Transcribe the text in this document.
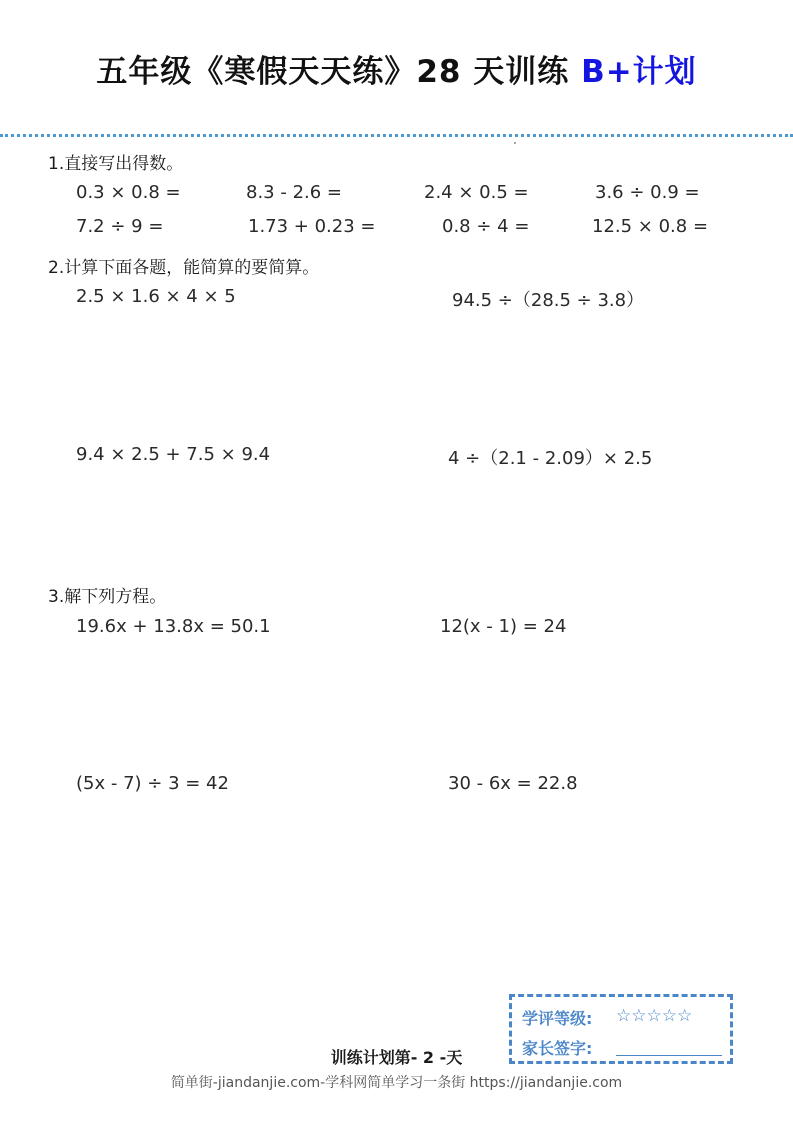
五年级《寒假天天练》28 天训练 B+计划
1.直接写出得数。
0.3 × 0.8 =	8.3 - 2.6 =	2.4 × 0.5 =	3.6 ÷ 0.9 =
7.2 ÷ 9 =	1.73 + 0.23 =	0.8 ÷ 4 =	12.5 × 0.8 =
2.计算下面各题，能简算的要简算。
2.5 × 1.6 × 4 × 5	94.5 ÷（28.5 ÷ 3.8）
9.4 × 2.5 + 7.5 × 9.4	4 ÷（2.1 - 2.09）× 2.5
3.解下列方程。
19.6x + 13.8x = 50.1	12(x - 1) = 24
(5x - 7) ÷ 3 = 42	30 - 6x = 22.8
学评等级: ☆☆☆☆☆
家长签字:
训练计划第- 2 -天
简单街-jiandanjie.com-学科网简单学习一条街 https://jiandanjie.com
